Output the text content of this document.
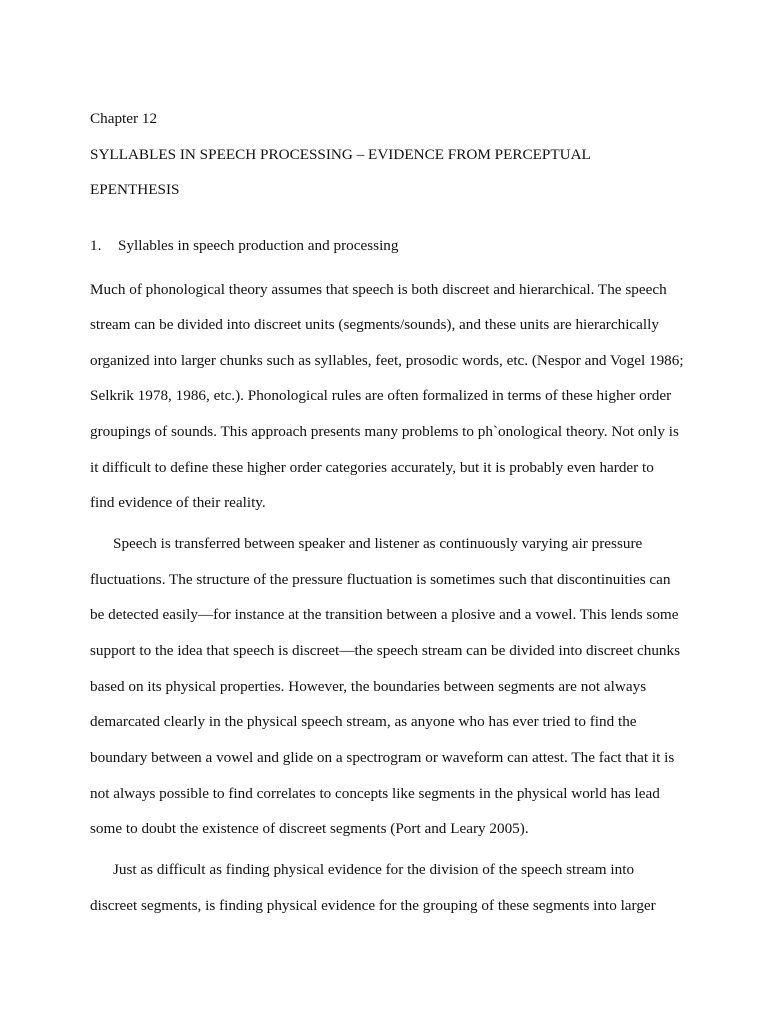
Chapter 12
SYLLABLES IN SPEECH PROCESSING – EVIDENCE FROM PERCEPTUAL
EPENTHESIS
1. Syllables in speech production and processing
Much of phonological theory assumes that speech is both discreet and hierarchical. The speech
stream can be divided into discreet units (segments/sounds), and these units are hierarchically
organized into larger chunks such as syllables, feet, prosodic words, etc. (Nespor and Vogel 1986;
Selkrik 1978, 1986, etc.). Phonological rules are often formalized in terms of these higher order
groupings of sounds. This approach presents many problems to ph`onological theory. Not only is
it difficult to define these higher order categories accurately, but it is probably even harder to
find evidence of their reality.
Speech is transferred between speaker and listener as continuously varying air pressure
fluctuations. The structure of the pressure fluctuation is sometimes such that discontinuities can
be detected easily—for instance at the transition between a plosive and a vowel. This lends some
support to the idea that speech is discreet—the speech stream can be divided into discreet chunks
based on its physical properties. However, the boundaries between segments are not always
demarcated clearly in the physical speech stream, as anyone who has ever tried to find the
boundary between a vowel and glide on a spectrogram or waveform can attest. The fact that it is
not always possible to find correlates to concepts like segments in the physical world has lead
some to doubt the existence of discreet segments (Port and Leary 2005).
Just as difficult as finding physical evidence for the division of the speech stream into
discreet segments, is finding physical evidence for the grouping of these segments into larger
